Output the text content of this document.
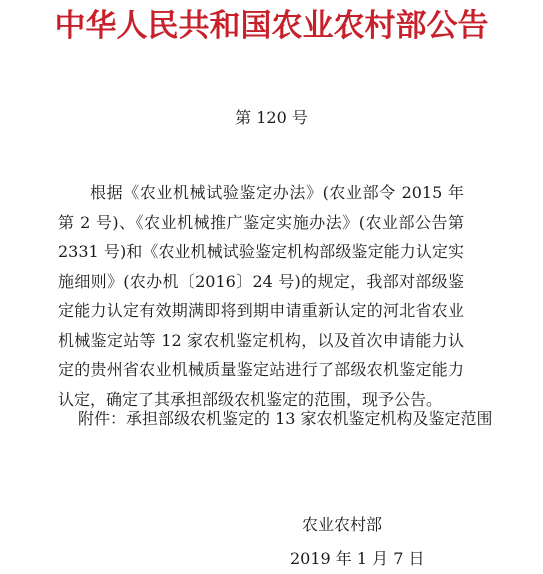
中华人民共和国农业农村部公告
第 120 号

根据《农业机械试验鉴定办法》(农业部令 2015 年第 2 号)、《农业机械推广鉴定实施办法》(农业部公告第 2331 号)和《农业机械试验鉴定机构部级鉴定能力认定实施细则》(农办机〔2016〕24 号)的规定，我部对部级鉴定能力认定有效期满即将到期申请重新认定的河北省农业机械鉴定站等 12 家农机鉴定机构，以及首次申请能力认定的贵州省农业机械质量鉴定站进行了部级农机鉴定能力认定，确定了其承担部级农机鉴定的范围，现予公告。

附件：承担部级农机鉴定的 13 家农机鉴定机构及鉴定范围
农业农村部
2019 年 1 月 7 日
